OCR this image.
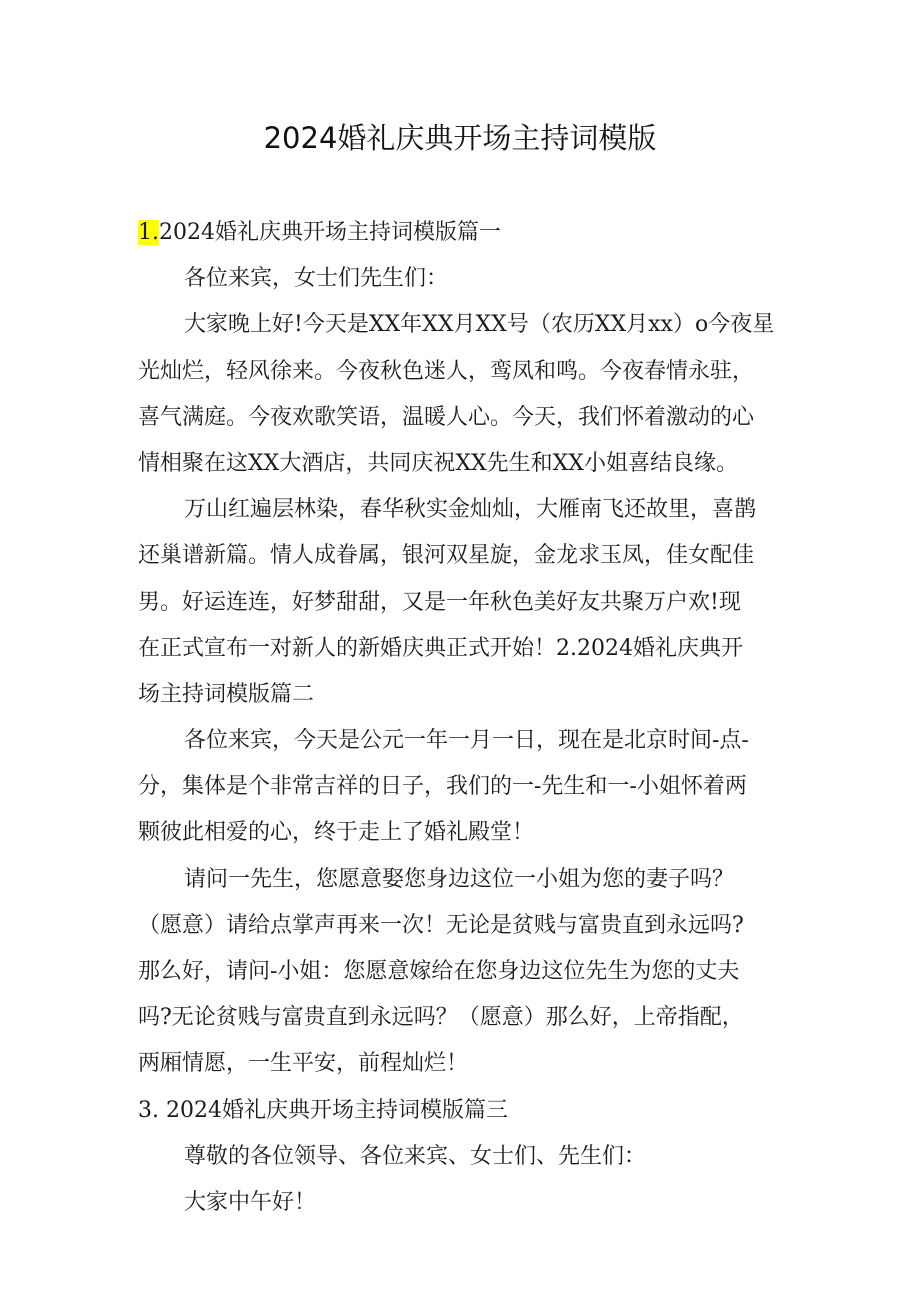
2024婚礼庆典开场主持词模版
1.2024婚礼庆典开场主持词模版篇一
各位来宾，女士们先生们：
大家晚上好!今天是XX年XX月XX号（农历XX月xx）o今夜星
光灿烂，轻风徐来。今夜秋色迷人，鸾凤和鸣。今夜春情永驻，
喜气满庭。今夜欢歌笑语，温暖人心。今天，我们怀着激动的心
情相聚在这XX大酒店，共同庆祝XX先生和XX小姐喜结良缘。
万山红遍层林染，春华秋实金灿灿，大雁南飞还故里，喜鹊
还巢谱新篇。情人成眷属，银河双星旋，金龙求玉凤，佳女配佳
男。好运连连，好梦甜甜，又是一年秋色美好友共聚万户欢!现
在正式宣布一对新人的新婚庆典正式开始！2.2024婚礼庆典开
场主持词模版篇二
各位来宾，今天是公元一年一月一日，现在是北京时间-点-
分，集体是个非常吉祥的日子，我们的一-先生和一-小姐怀着两
颗彼此相爱的心，终于走上了婚礼殿堂！
请问一先生，您愿意娶您身边这位一小姐为您的妻子吗？
（愿意）请给点掌声再来一次！无论是贫贱与富贵直到永远吗?
那么好，请问-小姐：您愿意嫁给在您身边这位先生为您的丈夫
吗?无论贫贱与富贵直到永远吗？（愿意）那么好，上帝指配，
两厢情愿，一生平安，前程灿烂！
3. 2024婚礼庆典开场主持词模版篇三
尊敬的各位领导、各位来宾、女士们、先生们：
大家中午好！
